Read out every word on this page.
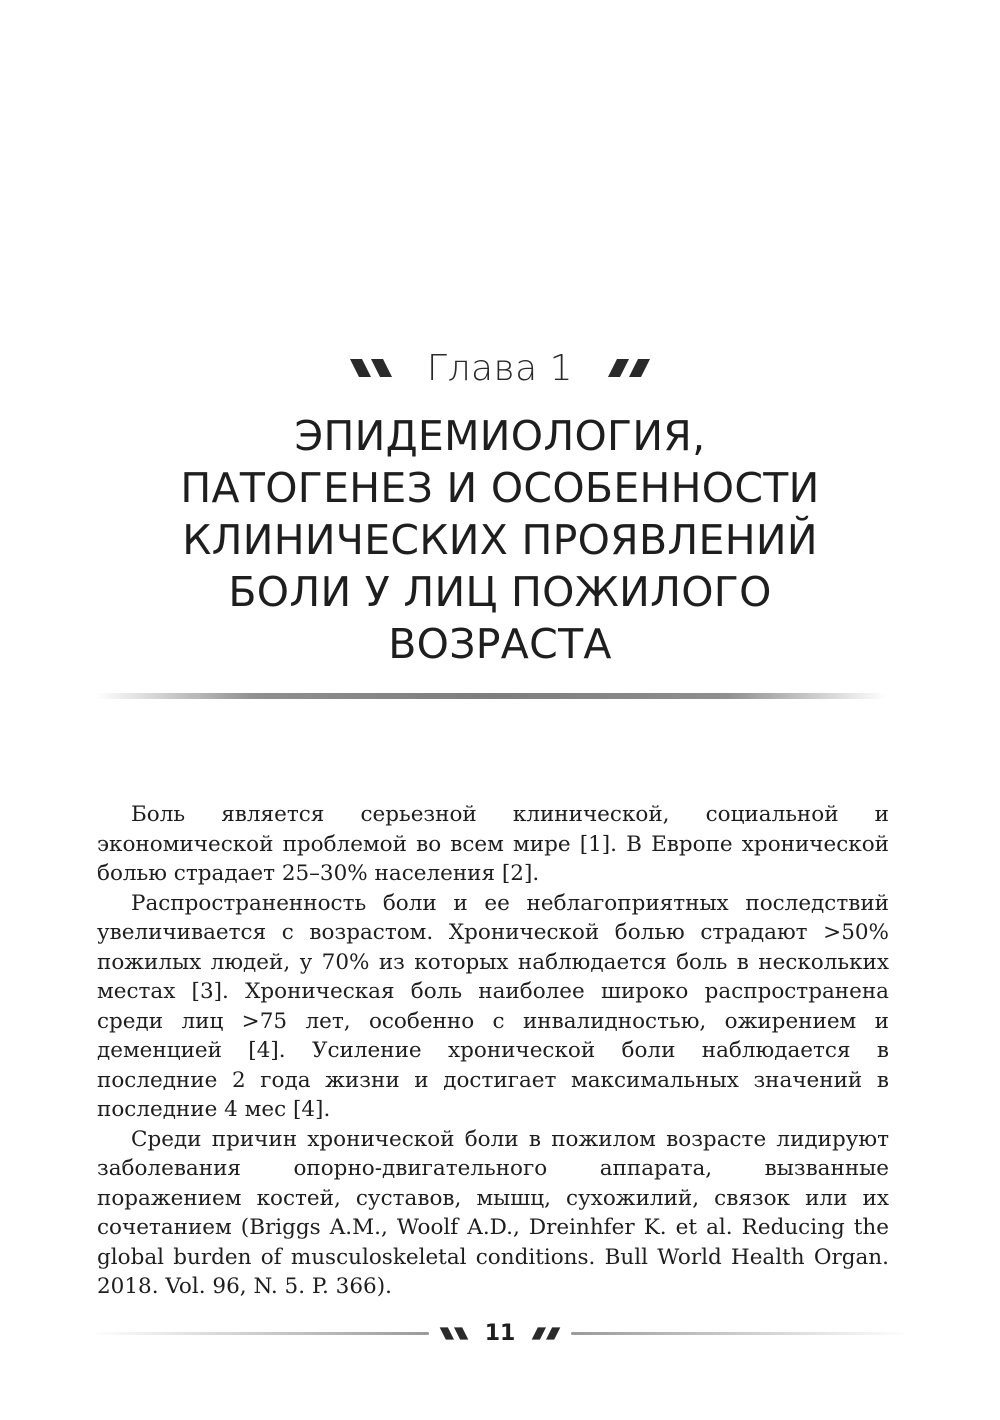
Глава 1
ЭПИДЕМИОЛОГИЯ,
ПАТОГЕНЕЗ И ОСОБЕННОСТИ
КЛИНИЧЕСКИХ ПРОЯВЛЕНИЙ
БОЛИ У ЛИЦ ПОЖИЛОГО
ВОЗРАСТА

Боль является серьезной клинической, социальной и экономической проблемой во всем мире [1]. В Европе хронической болью страдает 25–30% населения [2].

Распространенность боли и ее неблагоприятных последствий увеличивается с возрастом. Хронической болью страдают >50% пожилых людей, у 70% из которых наблюдается боль в нескольких местах [3]. Хроническая боль наиболее широко распространена среди лиц >75 лет, особенно с инвалидностью, ожирением и деменцией [4]. Усиление хронической боли наблюдается в последние 2 года жизни и достигает максимальных значений в последние 4 мес [4].

Среди причин хронической боли в пожилом возрасте лидируют заболевания опорно-двигательного аппарата, вызванные поражением костей, суставов, мышц, сухожилий, связок или их сочетанием (Briggs A.M., Woolf A.D., Dreinhfer K. et al. Reducing the global burden of musculoskeletal conditions. Bull World Health Organ. 2018. Vol. 96, N. 5. P. 366).

11
